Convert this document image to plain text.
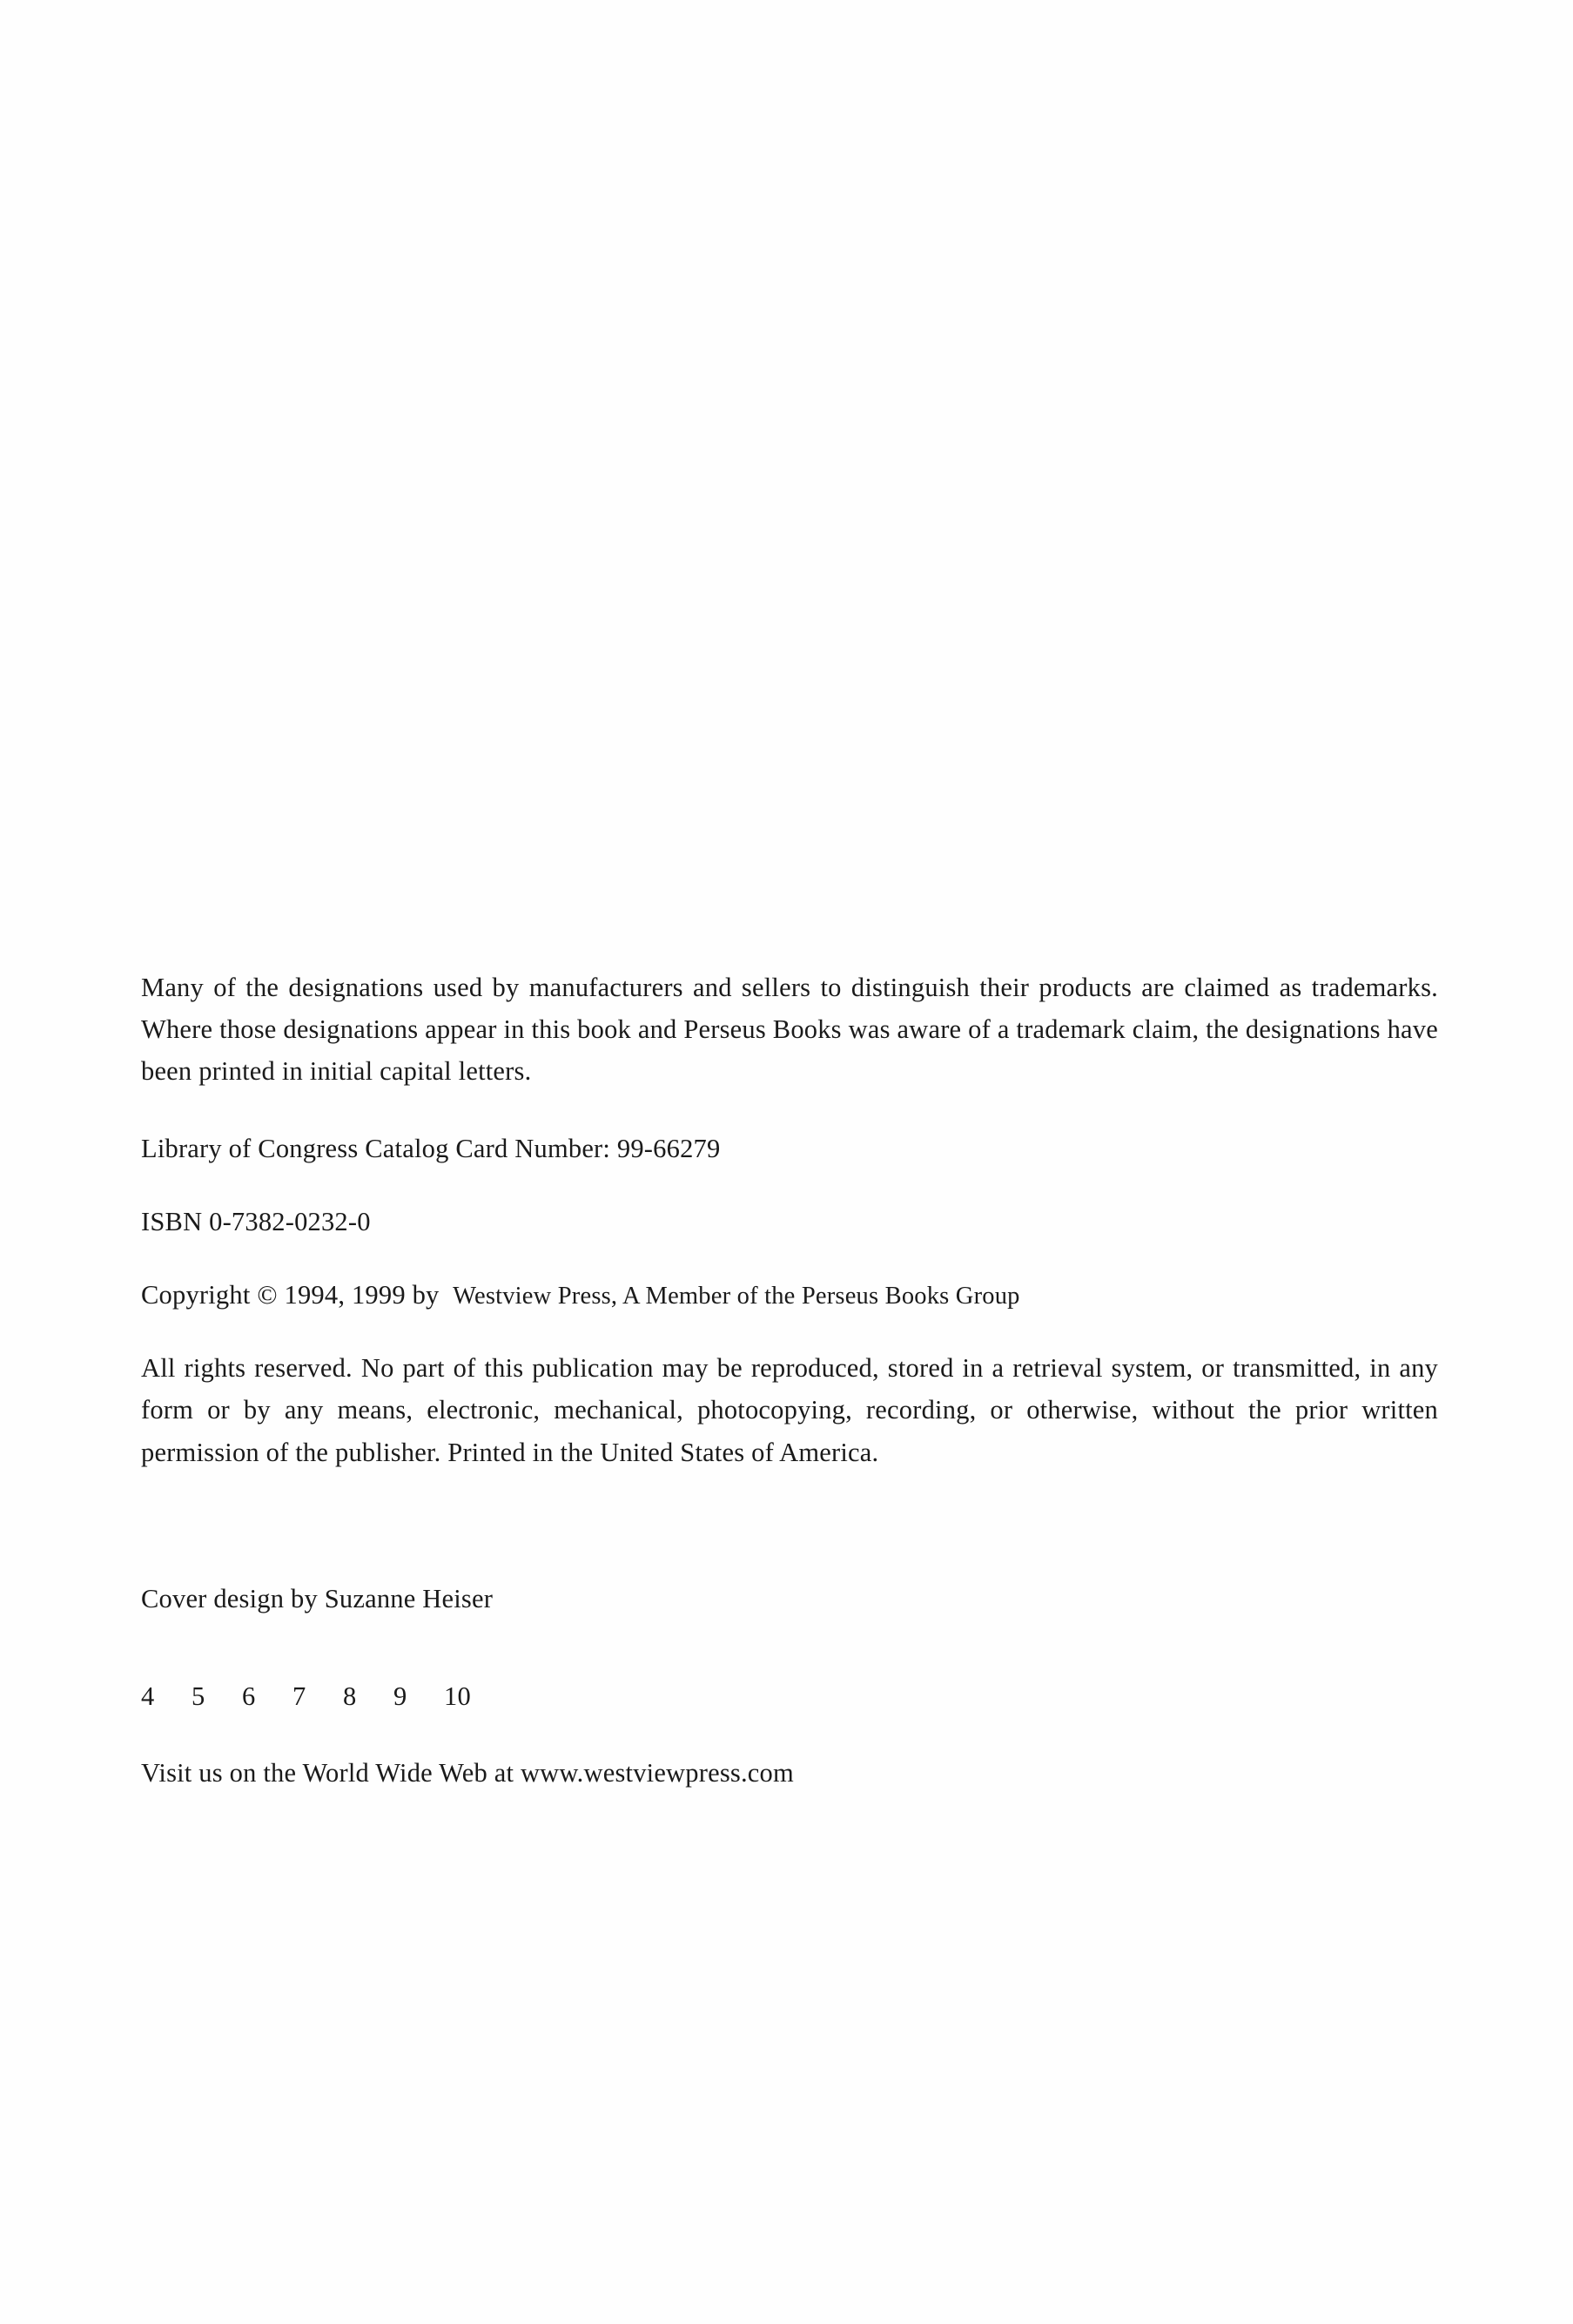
Many of the designations used by manufacturers and sellers to distinguish their products are claimed as trademarks. Where those designations appear in this book and Perseus Books was aware of a trademark claim, the designations have been printed in initial capital letters.

Library of Congress Catalog Card Number: 99-66279

ISBN 0-7382-0232-0

Copyright © 1994, 1999 by Westview Press, A Member of the Perseus Books Group

All rights reserved. No part of this publication may be reproduced, stored in a retrieval system, or transmitted, in any form or by any means, electronic, mechanical, photocopying, recording, or otherwise, without the prior written permission of the publisher. Printed in the United States of America.

Cover design by Suzanne Heiser

4 5 6 7 8 9 10

Visit us on the World Wide Web at www.westviewpress.com
